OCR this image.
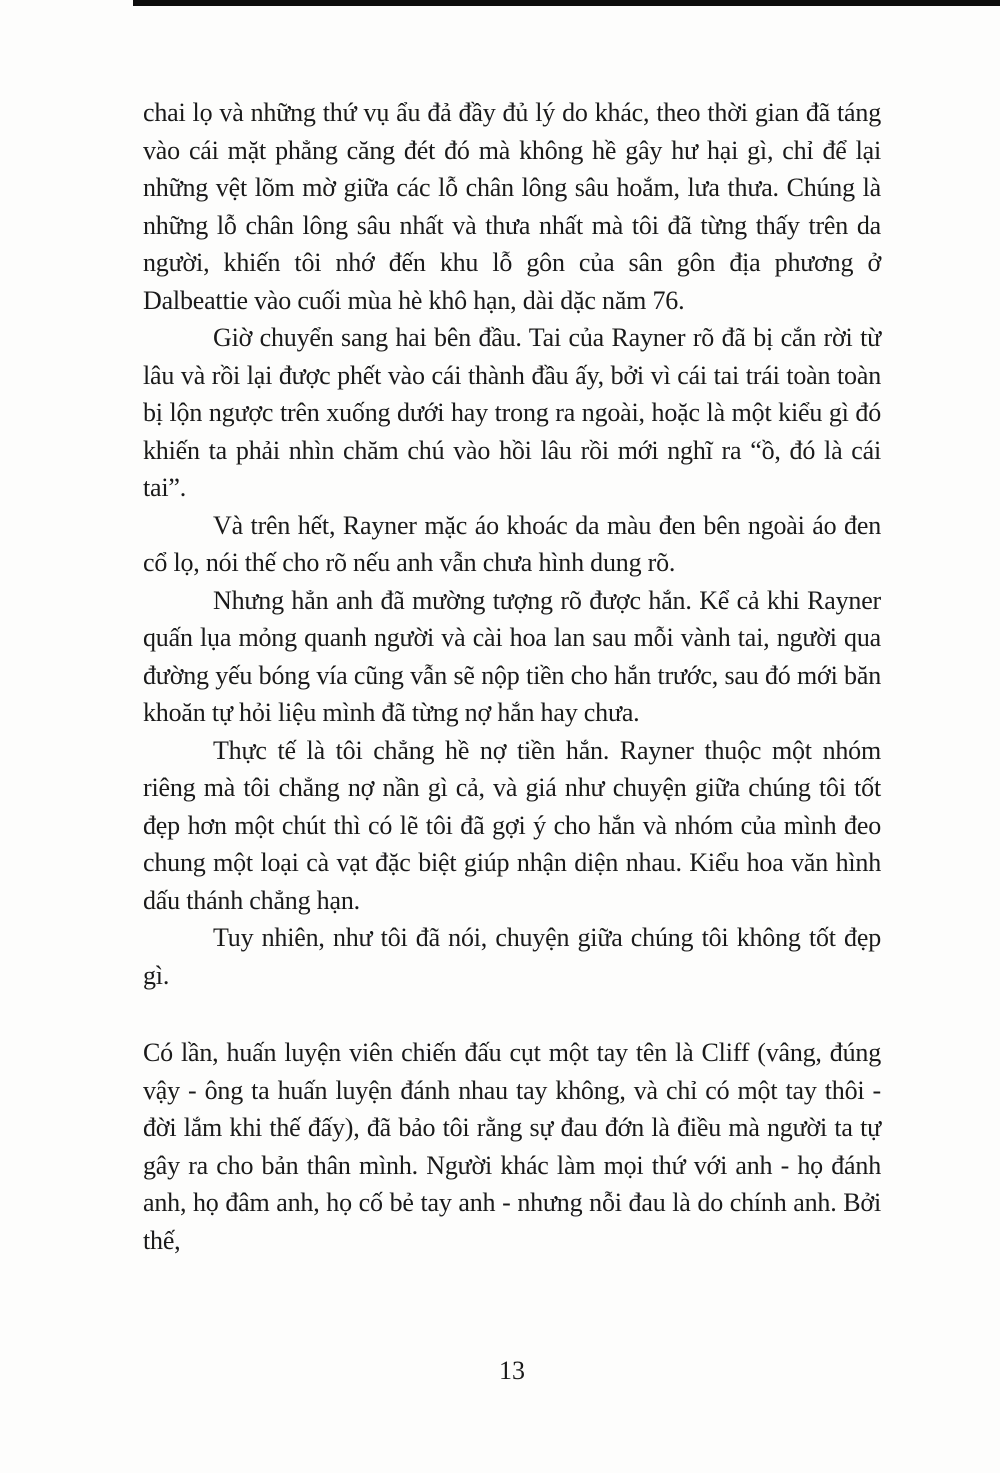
chai lọ và những thứ vụ ẩu đả đầy đủ lý do khác, theo thời gian đã táng vào cái mặt phẳng căng đét đó mà không hề gây hư hại gì, chỉ để lại những vệt lõm mờ giữa các lỗ chân lông sâu hoắm, lưa thưa. Chúng là những lỗ chân lông sâu nhất và thưa nhất mà tôi đã từng thấy trên da người, khiến tôi nhớ đến khu lỗ gôn của sân gôn địa phương ở Dalbeattie vào cuối mùa hè khô hạn, dài dặc năm 76.

Giờ chuyển sang hai bên đầu. Tai của Rayner rõ đã bị cắn rời từ lâu và rồi lại được phết vào cái thành đầu ấy, bởi vì cái tai trái toàn toàn bị lộn ngược trên xuống dưới hay trong ra ngoài, hoặc là một kiểu gì đó khiến ta phải nhìn chăm chú vào hồi lâu rồi mới nghĩ ra “ồ, đó là cái tai”.

Và trên hết, Rayner mặc áo khoác da màu đen bên ngoài áo đen cổ lọ, nói thế cho rõ nếu anh vẫn chưa hình dung rõ.

Nhưng hẳn anh đã mường tượng rõ được hắn. Kể cả khi Rayner quấn lụa mỏng quanh người và cài hoa lan sau mỗi vành tai, người qua đường yếu bóng vía cũng vẫn sẽ nộp tiền cho hắn trước, sau đó mới băn khoăn tự hỏi liệu mình đã từng nợ hắn hay chưa.

Thực tế là tôi chẳng hề nợ tiền hắn. Rayner thuộc một nhóm riêng mà tôi chẳng nợ nần gì cả, và giá như chuyện giữa chúng tôi tốt đẹp hơn một chút thì có lẽ tôi đã gợi ý cho hắn và nhóm của mình đeo chung một loại cà vạt đặc biệt giúp nhận diện nhau. Kiểu hoa văn hình dấu thánh chẳng hạn.

Tuy nhiên, như tôi đã nói, chuyện giữa chúng tôi không tốt đẹp gì.

Có lần, huấn luyện viên chiến đấu cụt một tay tên là Cliff (vâng, đúng vậy - ông ta huấn luyện đánh nhau tay không, và chỉ có một tay thôi - đời lắm khi thế đấy), đã bảo tôi rằng sự đau đớn là điều mà người ta tự gây ra cho bản thân mình. Người khác làm mọi thứ với anh - họ đánh anh, họ đâm anh, họ cố bẻ tay anh - nhưng nỗi đau là do chính anh. Bởi thế,

13
